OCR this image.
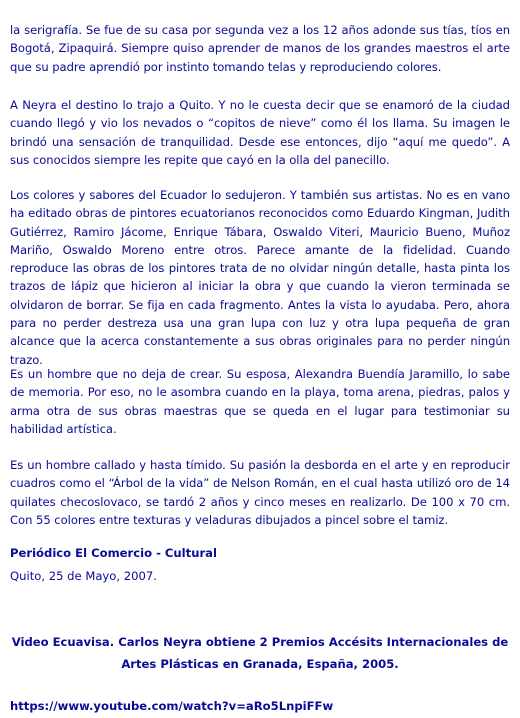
la serigrafía. Se fue de su casa por segunda vez a los 12 años adonde sus tías, tíos en Bogotá, Zipaquirá. Siempre quiso aprender de manos de los grandes maestros el arte que su padre aprendió por instinto tomando telas y reproduciendo colores.

A Neyra el destino lo trajo a Quito. Y no le cuesta decir que se enamoró de la ciudad cuando llegó y vio los nevados o “copitos de nieve” como él los llama. Su imagen le brindó una sensación de tranquilidad. Desde ese entonces, dijo “aquí me quedo”. A sus conocidos siempre les repite que cayó en la olla del panecillo.

Los colores y sabores del Ecuador lo sedujeron. Y también sus artistas. No es en vano ha editado obras de pintores ecuatorianos reconocidos como Eduardo Kingman, Judith Gutiérrez, Ramiro Jácome, Enrique Tábara, Oswaldo Viteri, Mauricio Bueno, Muñoz Mariño, Oswaldo Moreno entre otros. Parece amante de la fidelidad. Cuando reproduce las obras de los pintores trata de no olvidar ningún detalle, hasta pinta los trazos de lápiz que hicieron al iniciar la obra y que cuando la vieron terminada se olvidaron de borrar. Se fija en cada fragmento. Antes la vista lo ayudaba. Pero, ahora para no perder destreza usa una gran lupa con luz y otra lupa pequeña de gran alcance que la acerca constantemente a sus obras originales para no perder ningún trazo.

Es un hombre que no deja de crear. Su esposa, Alexandra Buendía Jaramillo, lo sabe de memoria. Por eso, no le asombra cuando en la playa, toma arena, piedras, palos y arma otra de sus obras maestras que se queda en el lugar para testimoniar su habilidad artística.

Es un hombre callado y hasta tímido. Su pasión la desborda en el arte y en reproducir cuadros como el “Árbol de la vida” de Nelson Román, en el cual hasta utilizó oro de 14 quilates checoslovaco, se tardó 2 años y cinco meses en realizarlo. De 100 x 70 cm. Con 55 colores entre texturas y veladuras dibujados a pincel sobre el tamiz.

Periódico El Comercio - Cultural

Quito, 25 de Mayo, 2007.

Video Ecuavisa. Carlos Neyra obtiene 2 Premios Accésits Internacionales de

Artes Plásticas en Granada, España, 2005.

https://www.youtube.com/watch?v=aRo5LnpiFFw
